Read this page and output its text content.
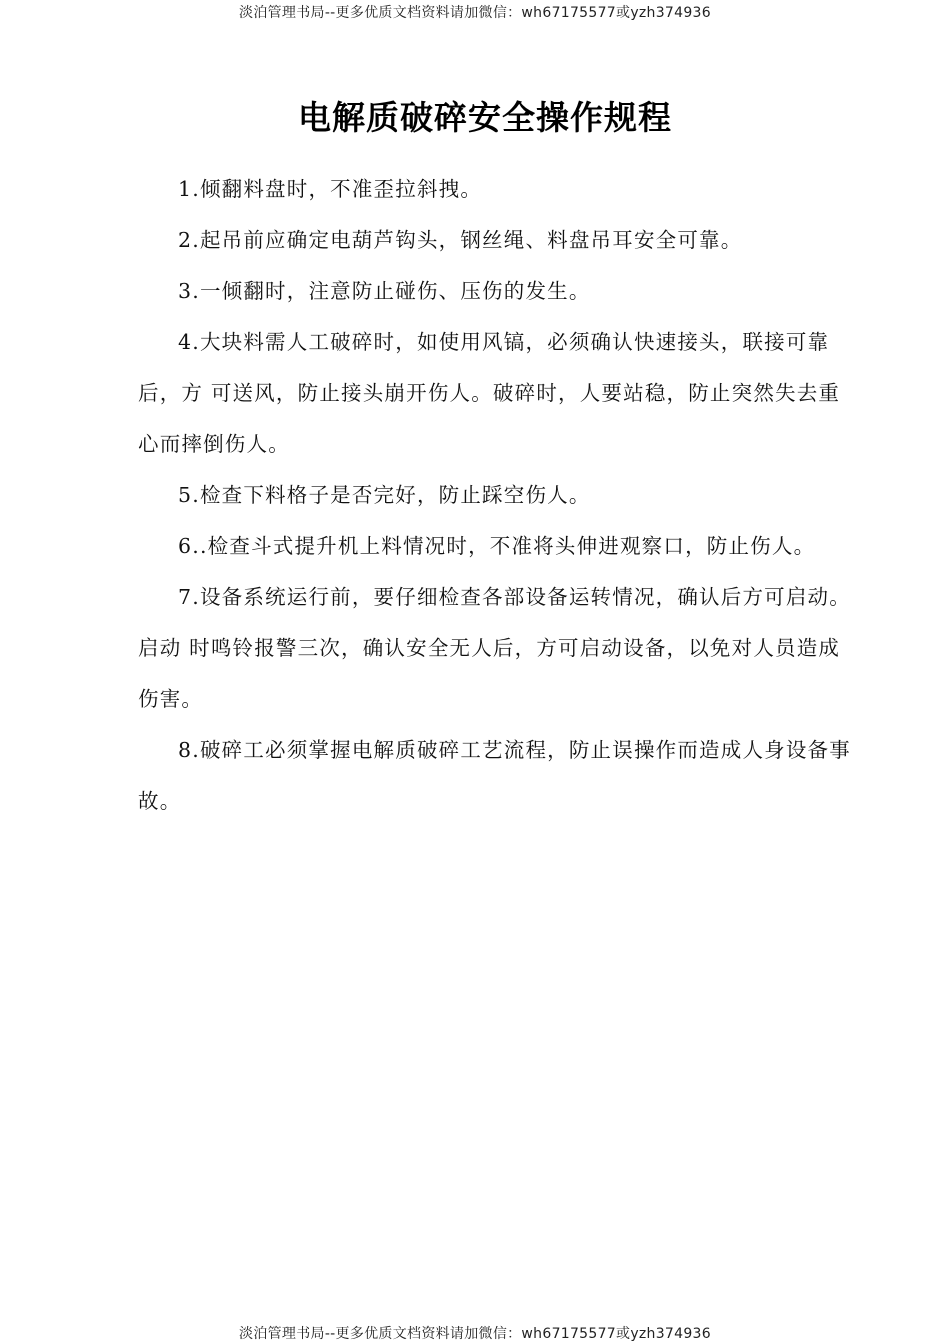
淡泊管理书局--更多优质文档资料请加微信：wh67175577或yzh374936
电解质破碎安全操作规程

1.倾翻料盘时，不准歪拉斜拽。

2.起吊前应确定电葫芦钩头，钢丝绳、料盘吊耳安全可靠。

3.一倾翻时，注意防止碰伤、压伤的发生。

4.大块料需人工破碎时，如使用风镐，必须确认快速接头，联接可靠后，方 可送风，防止接头崩开伤人。破碎时，人要站稳，防止突然失去重心而摔倒伤人。

5.检查下料格子是否完好，防止踩空伤人。

6..检查斗式提升机上料情况时，不准将头伸进观察口，防止伤人。

7.设备系统运行前，要仔细检查各部设备运转情况，确认后方可启动。启动 时鸣铃报警三次，确认安全无人后，方可启动设备，以免对人员造成伤害。

8.破碎工必须掌握电解质破碎工艺流程，防止误操作而造成人身设备事故。

淡泊管理书局--更多优质文档资料请加微信：wh67175577或yzh374936
